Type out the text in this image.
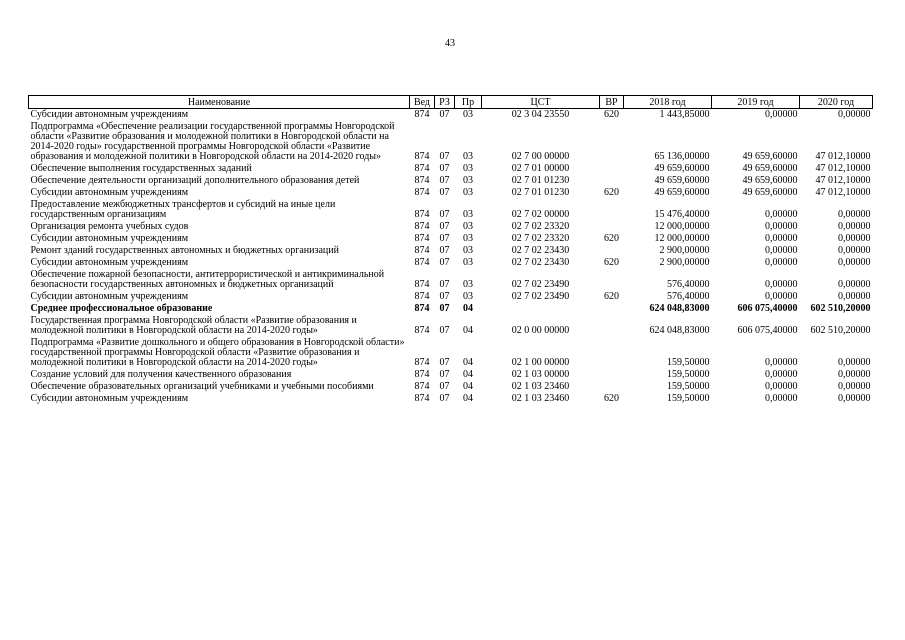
43
Наименование	Вед	РЗ	Пр	ЦСТ	ВР	2018 год	2019 год	2020 год
Субсидии автономным учреждениям	874	07	03	02 3 04 23550	620	1 443,85000	0,00000	0,00000
Подпрограмма «Обеспечение реализации государственной программы Новгородской области «Развитие образования и молодежной политики в Новгородской области на 2014-2020 годы» государственной программы Новгородской области «Развитие образования и молодежной политики в Новгородской области на 2014-2020 годы»	874	07	03	02 7 00 00000		65 136,00000	49 659,60000	47 012,10000
Обеспечение выполнения государственных заданий	874	07	03	02 7 01 00000		49 659,60000	49 659,60000	47 012,10000
Обеспечение деятельности организаций дополнительного образования детей	874	07	03	02 7 01 01230		49 659,60000	49 659,60000	47 012,10000
Субсидии автономным учреждениям	874	07	03	02 7 01 01230	620	49 659,60000	49 659,60000	47 012,10000
Предоставление межбюджетных трансфертов и субсидий на иные цели государственным организациям	874	07	03	02 7 02 00000		15 476,40000	0,00000	0,00000
Организация ремонта учебных судов	874	07	03	02 7 02 23320		12 000,00000	0,00000	0,00000
Субсидии автономным учреждениям	874	07	03	02 7 02 23320	620	12 000,00000	0,00000	0,00000
Ремонт зданий государственных автономных и бюджетных организаций	874	07	03	02 7 02 23430		2 900,00000	0,00000	0,00000
Субсидии автономным учреждениям	874	07	03	02 7 02 23430	620	2 900,00000	0,00000	0,00000
Обеспечение пожарной безопасности, антитеррористической и антикриминальной безопасности государственных автономных и бюджетных организаций	874	07	03	02 7 02 23490		576,40000	0,00000	0,00000
Субсидии автономным учреждениям	874	07	03	02 7 02 23490	620	576,40000	0,00000	0,00000
Среднее профессиональное образование	874	07	04			624 048,83000	606 075,40000	602 510,20000
Государственная программа Новгородской области «Развитие образования и молодежной политики в Новгородской области на 2014-2020 годы»	874	07	04	02 0 00 00000		624 048,83000	606 075,40000	602 510,20000
Подпрограмма «Развитие дошкольного и общего образования в Новгородской области» государственной программы Новгородской области «Развитие образования и молодежной политики в Новгородской области на 2014-2020 годы»	874	07	04	02 1 00 00000		159,50000	0,00000	0,00000
Создание условий для получения качественного образования	874	07	04	02 1 03 00000		159,50000	0,00000	0,00000
Обеспечение образовательных организаций учебниками и учебными пособиями	874	07	04	02 1 03 23460		159,50000	0,00000	0,00000
Субсидии автономным учреждениям	874	07	04	02 1 03 23460	620	159,50000	0,00000	0,00000
